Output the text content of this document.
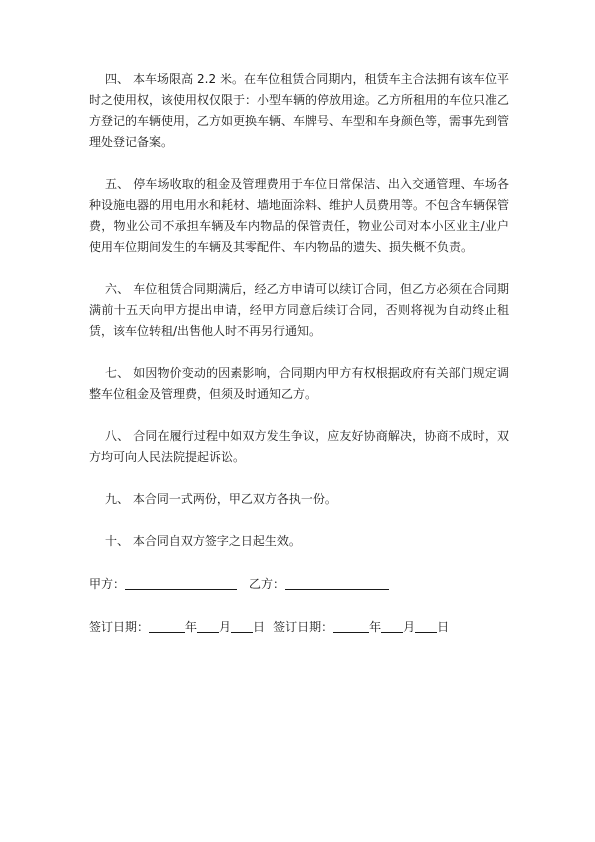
四、 本车场限高 2.2 米。在车位租赁合同期内，租赁车主合法拥有该车位平时之使用权，该使用权仅限于：小型车辆的停放用途。乙方所租用的车位只准乙方登记的车辆使用，乙方如更换车辆、车牌号、车型和车身颜色等，需事先到管理处登记备案。

五、 停车场收取的租金及管理费用于车位日常保洁、出入交通管理、车场各种设施电器的用电用水和耗材、墙地面涂料、维护人员费用等。不包含车辆保管费，物业公司不承担车辆及车内物品的保管责任，物业公司对本小区业主/业户使用车位期间发生的车辆及其零配件、车内物品的遗失、损失概不负责。

六、 车位租赁合同期满后，经乙方申请可以续订合同，但乙方必须在合同期满前十五天向甲方提出申请，经甲方同意后续订合同，否则将视为自动终止租赁，该车位转租/出售他人时不再另行通知。

七、 如因物价变动的因素影响，合同期内甲方有权根据政府有关部门规定调整车位租金及管理费，但须及时通知乙方。

八、 合同在履行过程中如双方发生争议，应友好协商解决，协商不成时，双方均可向人民法院提起诉讼。

九、 本合同一式两份，甲乙双方各执一份。

十、 本合同自双方签字之日起生效。

甲方：	乙方：
签订日期：	年 月 日 签订日期：	年 月 日
